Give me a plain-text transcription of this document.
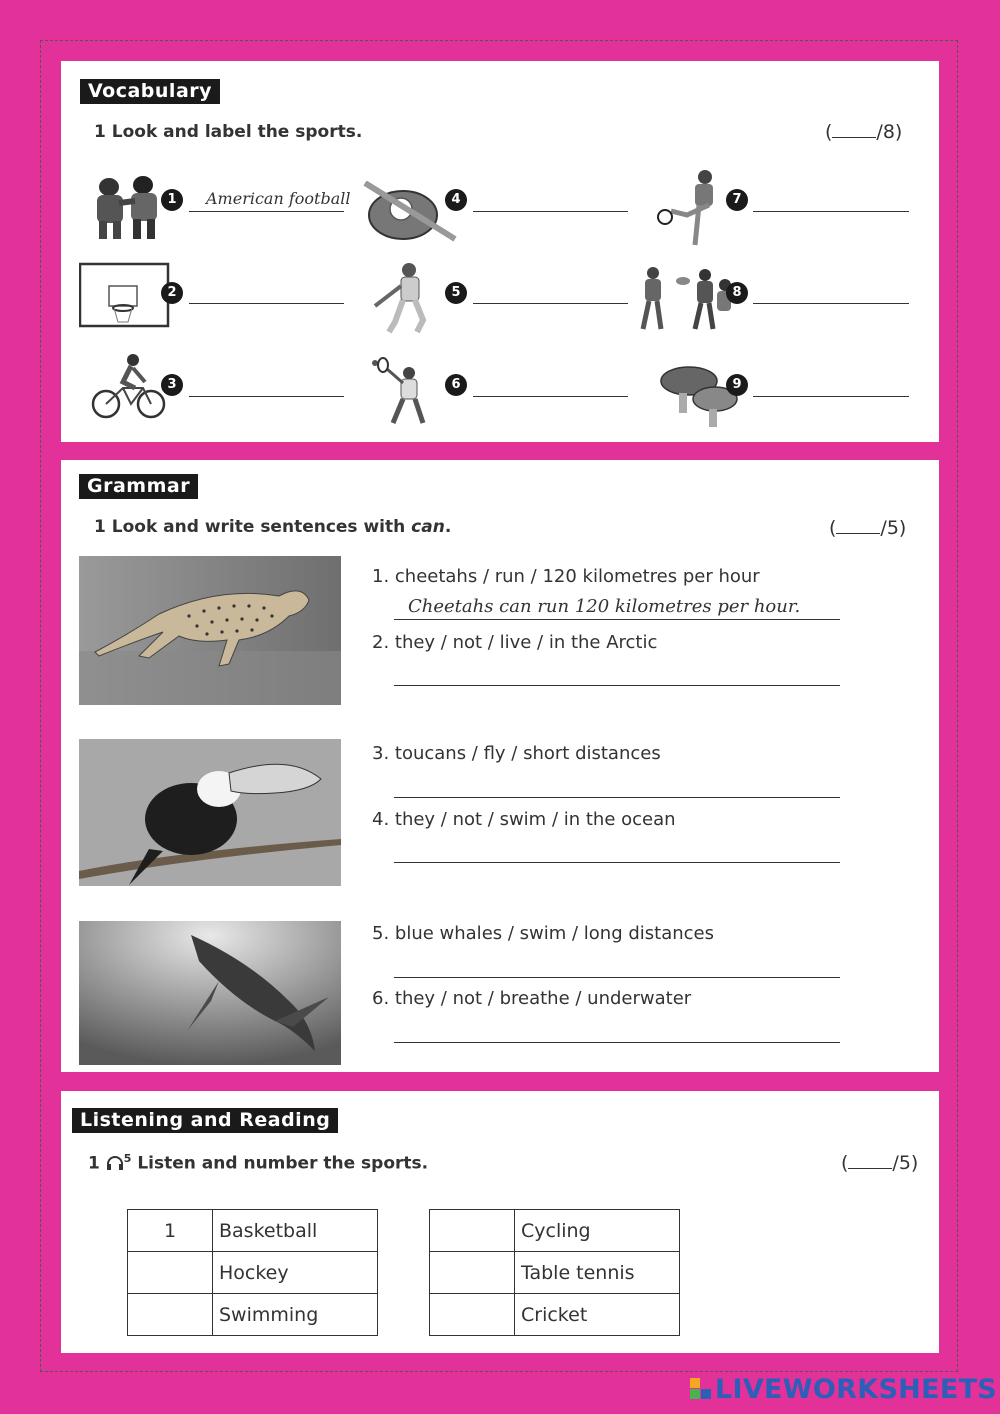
Vocabulary
1 Look and label the sports.	( /8)
1	American football
2
3
4
5
6
7
8
9
Grammar
1 Look and write sentences with can.	( /5)
1. cheetahs / run / 120 kilometres per hour
Cheetahs can run 120 kilometres per hour.
2. they / not / live / in the Arctic
3. toucans / fly / short distances
4. they / not / swim / in the ocean
5. blue whales / swim / long distances
6. they / not / breathe / underwater
Listening and Reading
1 $^5$ Listen and number the sports.	( /5)
1	Basketball
	Hockey
	Swimming
	Cycling
	Table tennis
	Cricket
LIVEWORKSHEETS
